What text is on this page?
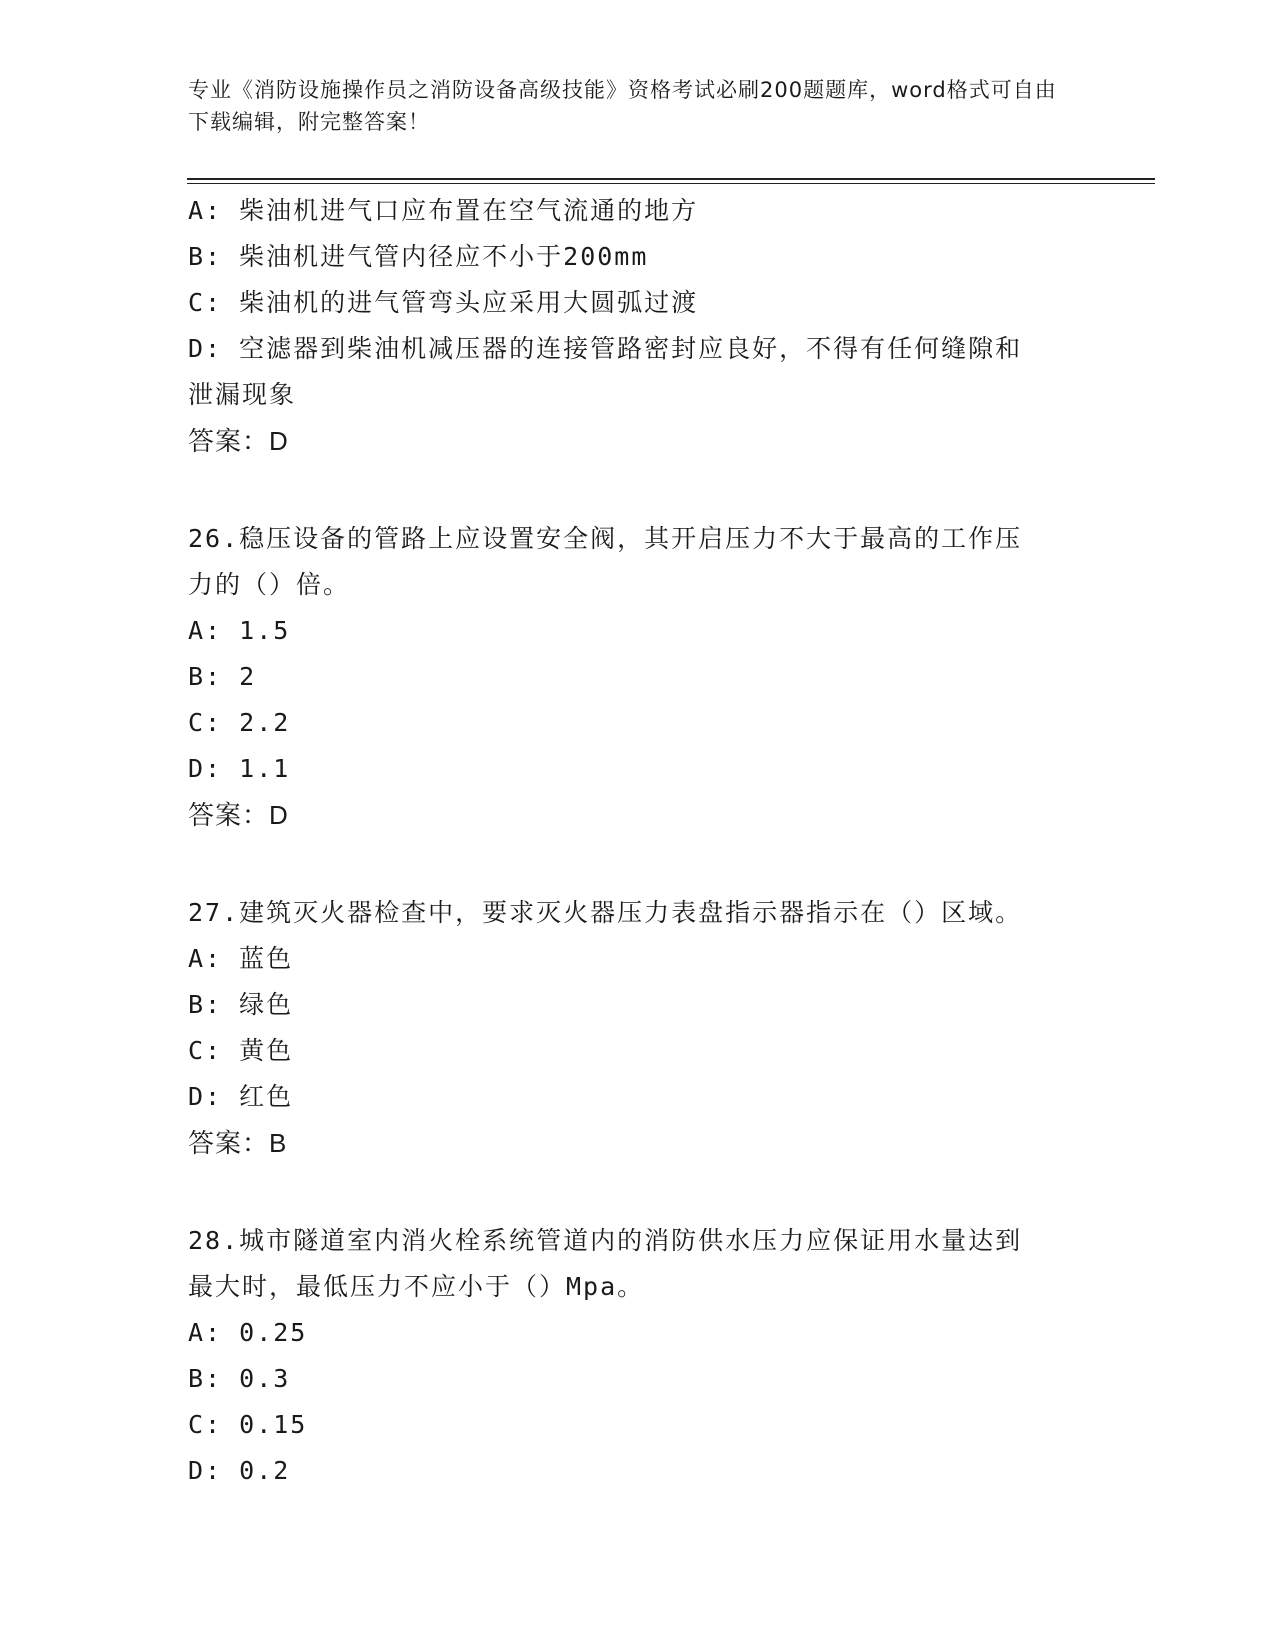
专业《消防设施操作员之消防设备高级技能》资格考试必刷200题题库，word格式可自由下载编辑，附完整答案！

A: 柴油机进气口应布置在空气流通的地方

B: 柴油机进气管内径应不小于200mm

C: 柴油机的进气管弯头应采用大圆弧过渡

D: 空滤器到柴油机减压器的连接管路密封应良好，不得有任何缝隙和泄漏现象

答案：D

26.稳压设备的管路上应设置安全阀，其开启压力不大于最高的工作压力的（）倍。

A: 1.5

B: 2

C: 2.2

D: 1.1

答案：D

27.建筑灭火器检查中，要求灭火器压力表盘指示器指示在（）区域。

A: 蓝色

B: 绿色

C: 黄色

D: 红色

答案：B

28.城市隧道室内消火栓系统管道内的消防供水压力应保证用水量达到最大时，最低压力不应小于（）Mpa。

A: 0.25

B: 0.3

C: 0.15

D: 0.2
